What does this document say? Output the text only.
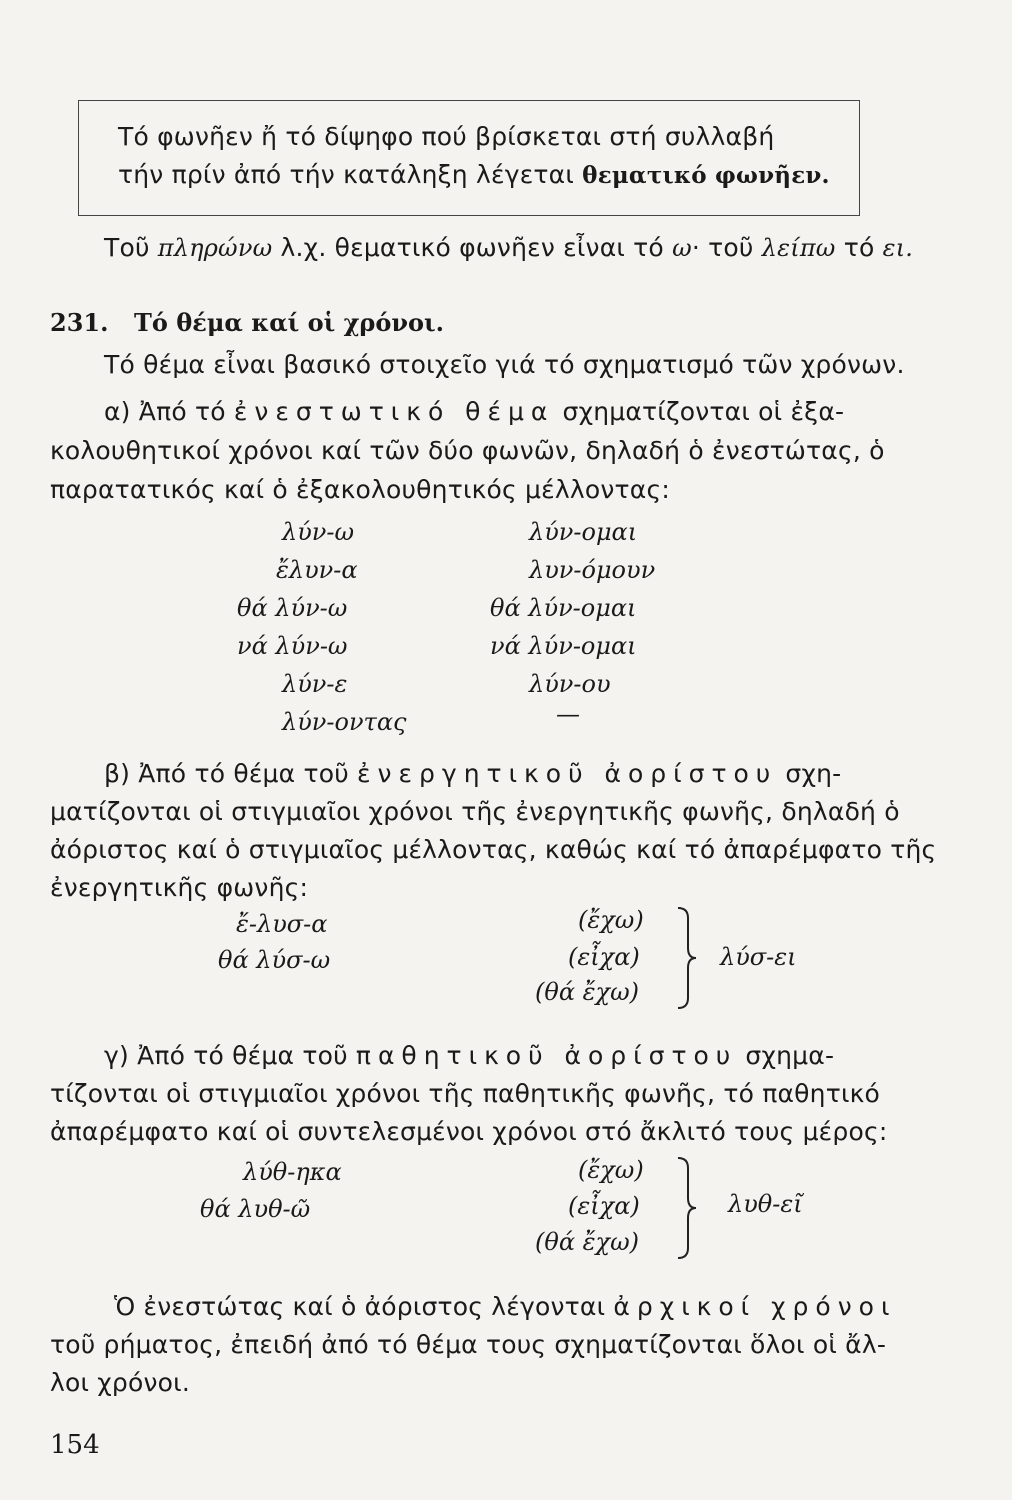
Τό φωνῆεν ἤ τό δίψηφο πού βρίσκεται στή συλλαβή
τήν πρίν ἀπό τήν κατάληξη λέγεται θεματικό φωνῆεν.
Τοῦ πληρώνω λ.χ. θεματικό φωνῆεν εἶναι τό ω· τοῦ λείπω τό ει.
231. Τό θέμα καί οἱ χρόνοι.
Τό θέμα εἶναι βασικό στοιχεῖο γιά τό σχηματισμό τῶν χρόνων.
α) Ἀπό τό ἐνεστωτικό θέμα σχηματίζονται οἱ ἐξα-
κολουθητικοί χρόνοι καί τῶν δύο φωνῶν, δηλαδή ὁ ἐνεστώτας, ὁ
παρατατικός καί ὁ ἐξακολουθητικός μέλλοντας:
λύν-ω
ἔλυν-α
θά λύν-ω
νά λύν-ω
λύν-ε
λύν-οντας
λύν-ομαι
λυν-όμουν
θά λύν-ομαι
νά λύν-ομαι
λύν-ου
—
β) Ἀπό τό θέμα τοῦ ἐνεργητικοῦ ἀορίστου σχη-
ματίζονται οἱ στιγμιαῖοι χρόνοι τῆς ἐνεργητικῆς φωνῆς, δηλαδή ὁ
ἀόριστος καί ὁ στιγμιαῖος μέλλοντας, καθώς καί τό ἀπαρέμφατο τῆς
ἐνεργητικῆς φωνῆς:
ἔ-λυσ-α
θά λύσ-ω
(ἔχω)
(εἶχα)
(θά ἔχω)
λύσ-ει
γ) Ἀπό τό θέμα τοῦ παθητικοῦ ἀορίστου σχημα-
τίζονται οἱ στιγμιαῖοι χρόνοι τῆς παθητικῆς φωνῆς, τό παθητικό
ἀπαρέμφατο καί οἱ συντελεσμένοι χρόνοι στό ἄκλιτό τους μέρος:
λύθ-ηκα
θά λυθ-ῶ
(ἔχω)
(εἶχα)
(θά ἔχω)
λυθ-εῖ
Ὁ ἐνεστώτας καί ὁ ἀόριστος λέγονται ἀρχικοί χρόνοι
τοῦ ρήματος, ἐπειδή ἀπό τό θέμα τους σχηματίζονται ὅλοι οἱ ἄλ-
λοι χρόνοι.
154
